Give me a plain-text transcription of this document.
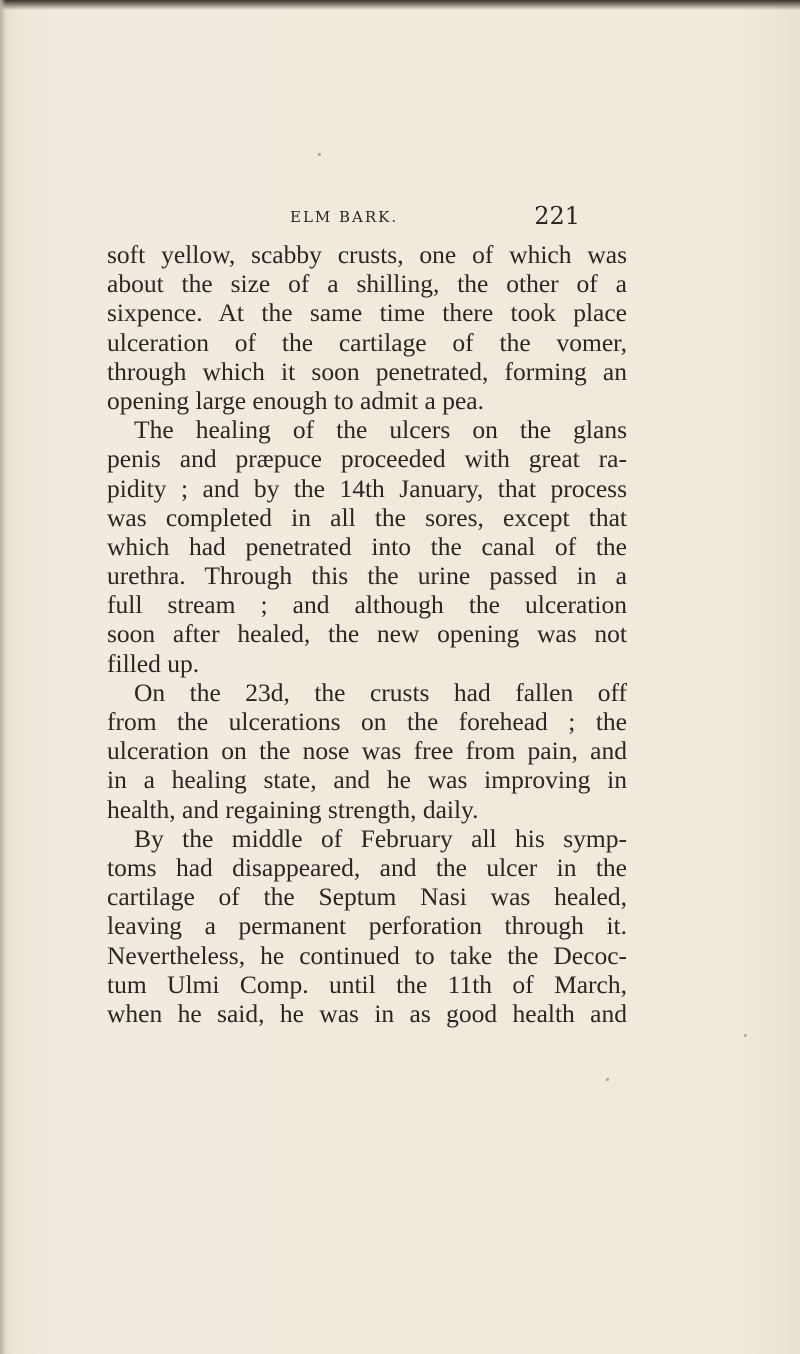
ELM BARK.	221
soft yellow, scabby crusts, one of which was
about the size of a shilling, the other of a
sixpence. At the same time there took place
ulceration of the cartilage of the vomer,
through which it soon penetrated, forming an
opening large enough to admit a pea.
The healing of the ulcers on the glans
penis and præpuce proceeded with great ra-
pidity ; and by the 14th January, that process
was completed in all the sores, except that
which had penetrated into the canal of the
urethra. Through this the urine passed in a
full stream ; and although the ulceration
soon after healed, the new opening was not
filled up.
On the 23d, the crusts had fallen off
from the ulcerations on the forehead ; the
ulceration on the nose was free from pain, and
in a healing state, and he was improving in
health, and regaining strength, daily.
By the middle of February all his symp-
toms had disappeared, and the ulcer in the
cartilage of the Septum Nasi was healed,
leaving a permanent perforation through it.
Nevertheless, he continued to take the Decoc-
tum Ulmi Comp. until the 11th of March,
when he said, he was in as good health and
